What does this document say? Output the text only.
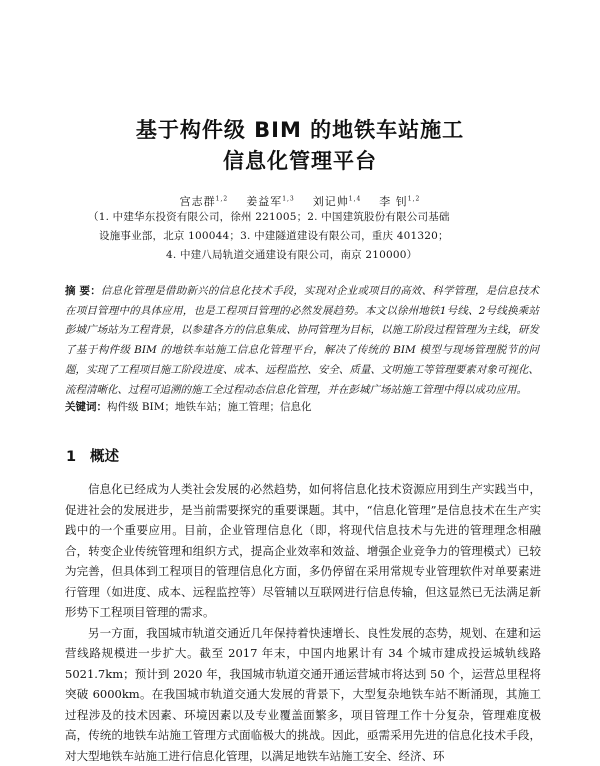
基于构件级 BIM 的地铁车站施工
信息化管理平台
宫志群$^{1,2}$ 姜益军$^{1,3}$ 刘记帅$^{1,4}$ 李 钊$^{1,2}$
（1. 中建华东投资有限公司，徐州 221005；2. 中国建筑股份有限公司基础
设施事业部，北京 100044；3. 中建隧道建设有限公司，重庆 401320；
4. 中建八局轨道交通建设有限公司，南京 210000）
摘 要：信息化管理是借助新兴的信息化技术手段，实现对企业或项目的高效、科学管理，是信息技术在项目管理中的具体应用，也是工程项目管理的必然发展趋势。本文以徐州地铁1号线、2号线换乘站彭城广场站为工程背景，以参建各方的信息集成、协同管理为目标，以施工阶段过程管理为主线，研发了基于构件级 BIM 的地铁车站施工信息化管理平台，解决了传统的 BIM 模型与现场管理脱节的问题，实现了工程项目施工阶段进度、成本、远程监控、安全、质量、文明施工等管理要素对象可视化、流程清晰化、过程可追溯的施工全过程动态信息化管理，并在彭城广场站施工管理中得以成功应用。
关键词：构件级 BIM；地铁车站；施工管理；信息化
1 概述

信息化已经成为人类社会发展的必然趋势，如何将信息化技术资源应用到生产实践当中，促进社会的发展进步，是当前需要探究的重要课题。其中，“信息化管理”是信息技术在生产实践中的一个重要应用。目前，企业管理信息化（即，将现代信息技术与先进的管理理念相融合，转变企业传统管理和组织方式，提高企业效率和效益、增强企业竞争力的管理模式）已较为完善，但具体到工程项目的管理信息化方面，多仍停留在采用常规专业管理软件对单要素进行管理（如进度、成本、远程监控等）尽管辅以互联网进行信息传输，但这显然已无法满足新形势下工程项目管理的需求。

另一方面，我国城市轨道交通近几年保持着快速增长、良性发展的态势，规划、在建和运营线路规模进一步扩大。截至 2017 年末，中国内地累计有 34 个城市建成投运城轨线路 5021.7km；预计到 2020 年，我国城市轨道交通开通运营城市将达到 50 个，运营总里程将突破 6000km。在我国城市轨道交通大发展的背景下，大型复杂地铁车站不断涌现，其施工过程涉及的技术因素、环境因素以及专业覆盖面繁多，项目管理工作十分复杂，管理难度极高，传统的地铁车站施工管理方式面临极大的挑战。因此，亟需采用先进的信息化技术手段，对大型地铁车站施工进行信息化管理，以满足地铁车站施工安全、经济、环
